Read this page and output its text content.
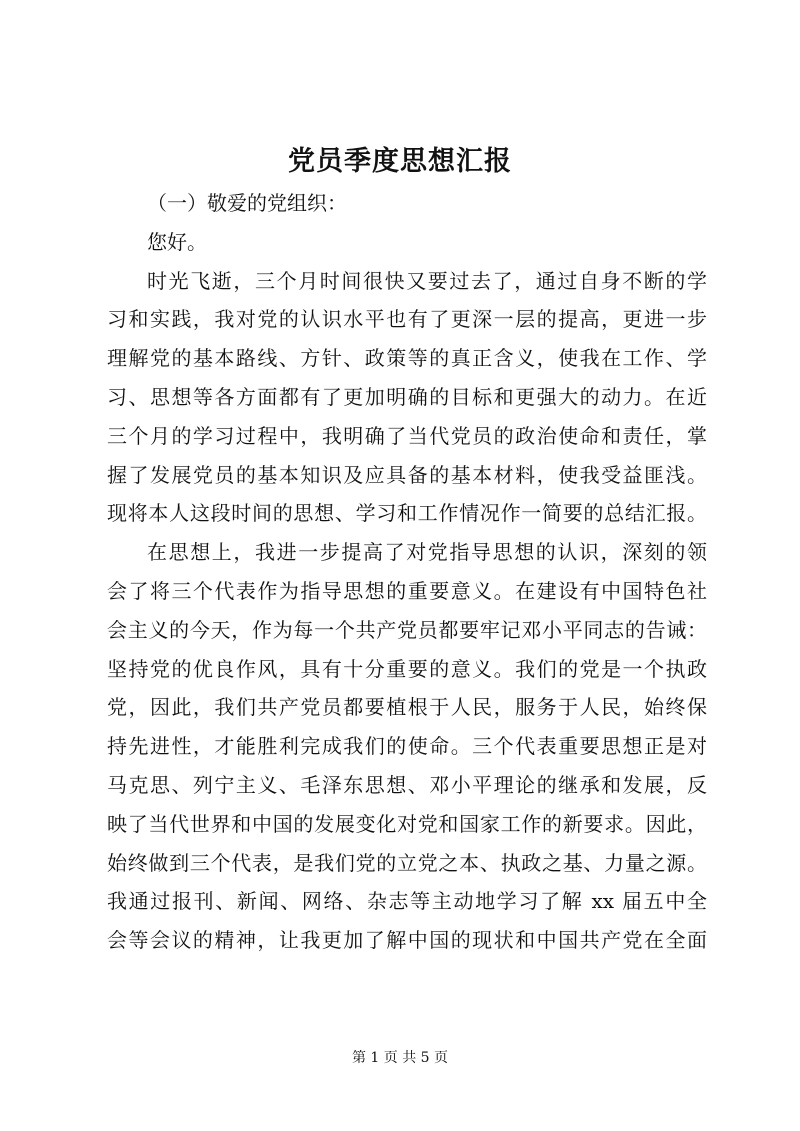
党员季度思想汇报
（一）敬爱的党组织：
您好。
时光飞逝，三个月时间很快又要过去了，通过自身不断的学
习和实践，我对党的认识水平也有了更深一层的提高，更进一步
理解党的基本路线、方针、政策等的真正含义，使我在工作、学
习、思想等各方面都有了更加明确的目标和更强大的动力。在近
三个月的学习过程中，我明确了当代党员的政治使命和责任，掌
握了发展党员的基本知识及应具备的基本材料，使我受益匪浅。
现将本人这段时间的思想、学习和工作情况作一简要的总结汇报。
在思想上，我进一步提高了对党指导思想的认识，深刻的领
会了将三个代表作为指导思想的重要意义。在建设有中国特色社
会主义的今天，作为每一个共产党员都要牢记邓小平同志的告诫：
坚持党的优良作风，具有十分重要的意义。我们的党是一个执政
党，因此，我们共产党员都要植根于人民，服务于人民，始终保
持先进性，才能胜利完成我们的使命。三个代表重要思想正是对
马克思、列宁主义、毛泽东思想、邓小平理论的继承和发展，反
映了当代世界和中国的发展变化对党和国家工作的新要求。因此，
始终做到三个代表，是我们党的立党之本、执政之基、力量之源。
我通过报刊、新闻、网络、杂志等主动地学习了解 xx 届五中全
会等会议的精神，让我更加了解中国的现状和中国共产党在全面
第 1 页 共 5 页
